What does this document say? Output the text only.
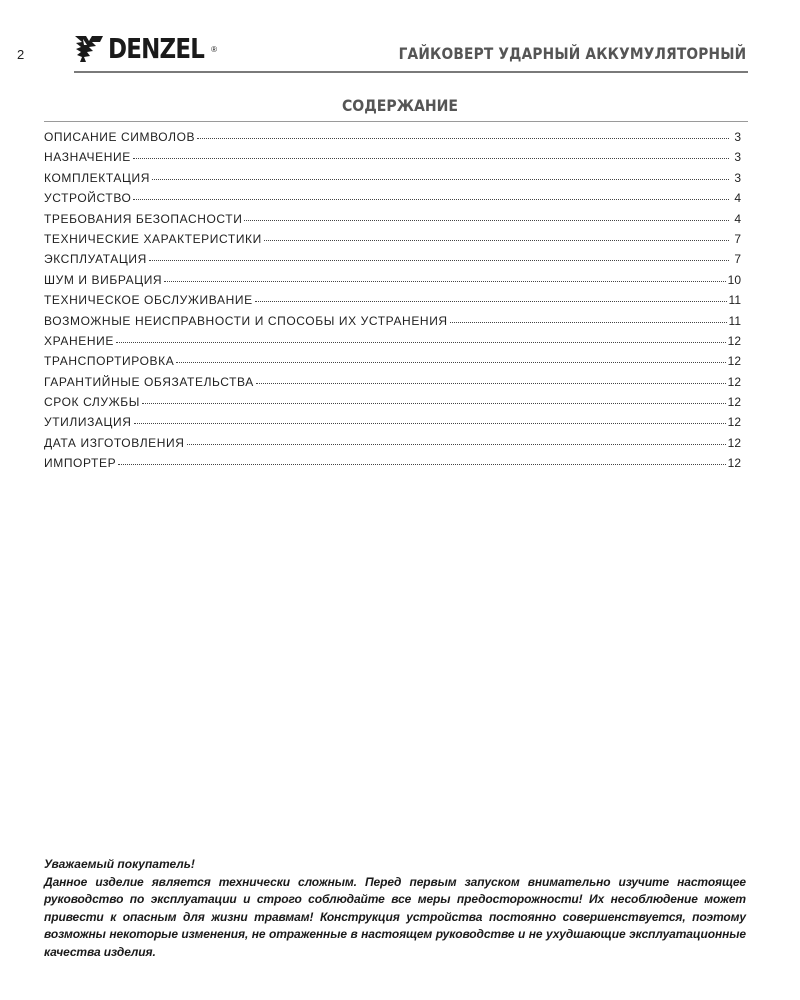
2	DENZEL ®	ГАЙКОВЕРТ УДАРНЫЙ АККУМУЛЯТОРНЫЙ
СОДЕРЖАНИЕ
ОПИСАНИЕ СИМВОЛОВ	3
НАЗНАЧЕНИЕ	3
КОМПЛЕКТАЦИЯ	3
УСТРОЙСТВО	4
ТРЕБОВАНИЯ БЕЗОПАСНОСТИ	4
ТЕХНИЧЕСКИЕ ХАРАКТЕРИСТИКИ	7
ЭКСПЛУАТАЦИЯ	7
ШУМ И ВИБРАЦИЯ	10
ТЕХНИЧЕСКОЕ ОБСЛУЖИВАНИЕ	11
ВОЗМОЖНЫЕ НЕИСПРАВНОСТИ И СПОСОБЫ ИХ УСТРАНЕНИЯ	11
ХРАНЕНИЕ	12
ТРАНСПОРТИРОВКА	12
ГАРАНТИЙНЫЕ ОБЯЗАТЕЛЬСТВА	12
СРОК СЛУЖБЫ	12
УТИЛИЗАЦИЯ	12
ДАТА ИЗГОТОВЛЕНИЯ	12
ИМПОРТЕР	12

Уважаемый покупатель!

Данное изделие является технически сложным. Перед первым запуском внимательно изучите настоящее руководство по эксплуатации и строго соблюдайте все меры предосторожности! Их несоблюдение может привести к опасным для жизни травмам! Конструкция устройства постоянно совершенствуется, поэтому возможны некоторые изменения, не отраженные в настоящем руководстве и не ухудшающие эксплуатационные качества изделия.
